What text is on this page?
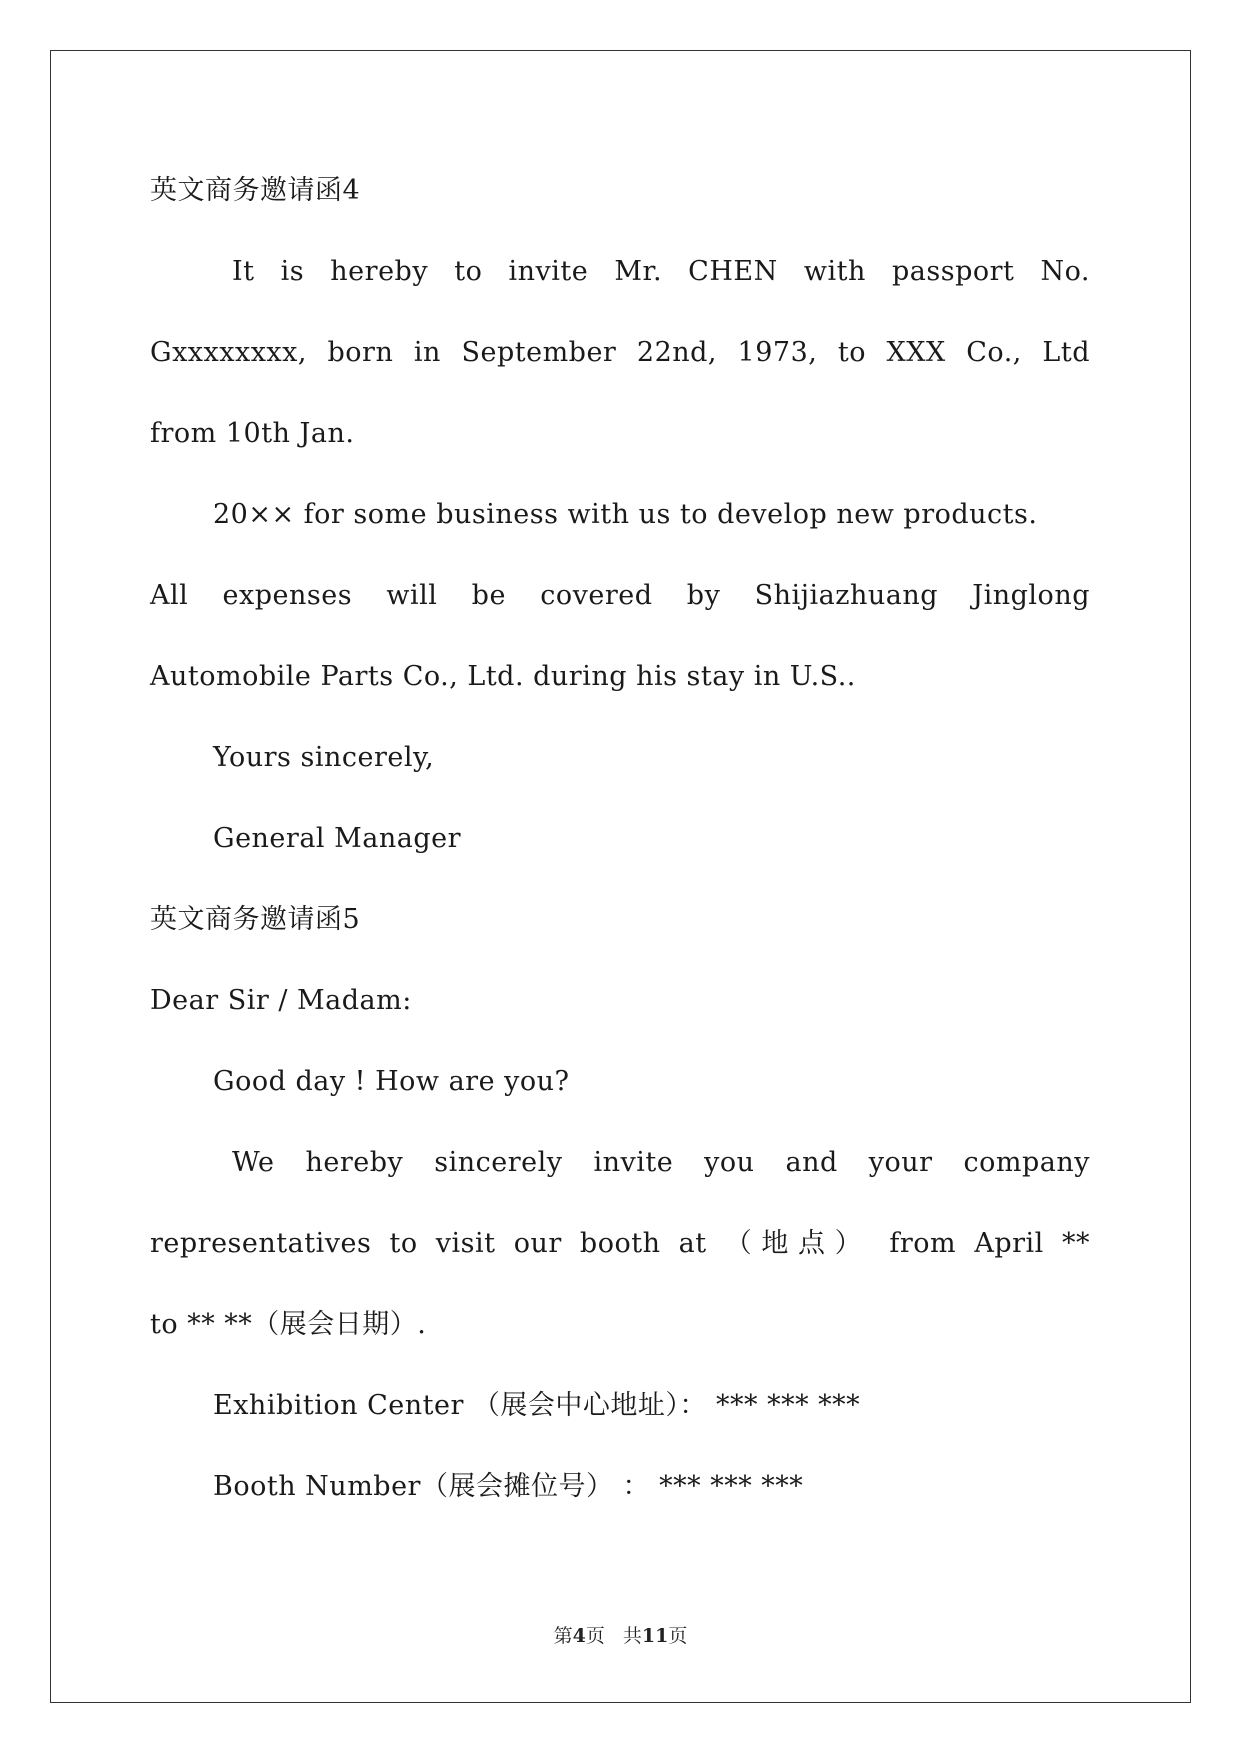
英文商务邀请函4
It is hereby to invite Mr. CHEN with passport No.
Gxxxxxxxx, born in September 22nd, 1973, to XXX Co., Ltd
from 10th Jan.
20×× for some business with us to develop new products.
All expenses will be covered by Shijiazhuang Jinglong
Automobile Parts Co., Ltd. during his stay in U.S..
Yours sincerely,
General Manager
英文商务邀请函5
Dear Sir / Madam:
Good day ! How are you?
We hereby sincerely invite you and your company
representatives to visit our booth at （地点） from April **
to ** **（展会日期）.
Exhibition Center （展会中心地址）： *** *** ***
Booth Number（展会摊位号） ： *** *** ***
第4页 共11页
